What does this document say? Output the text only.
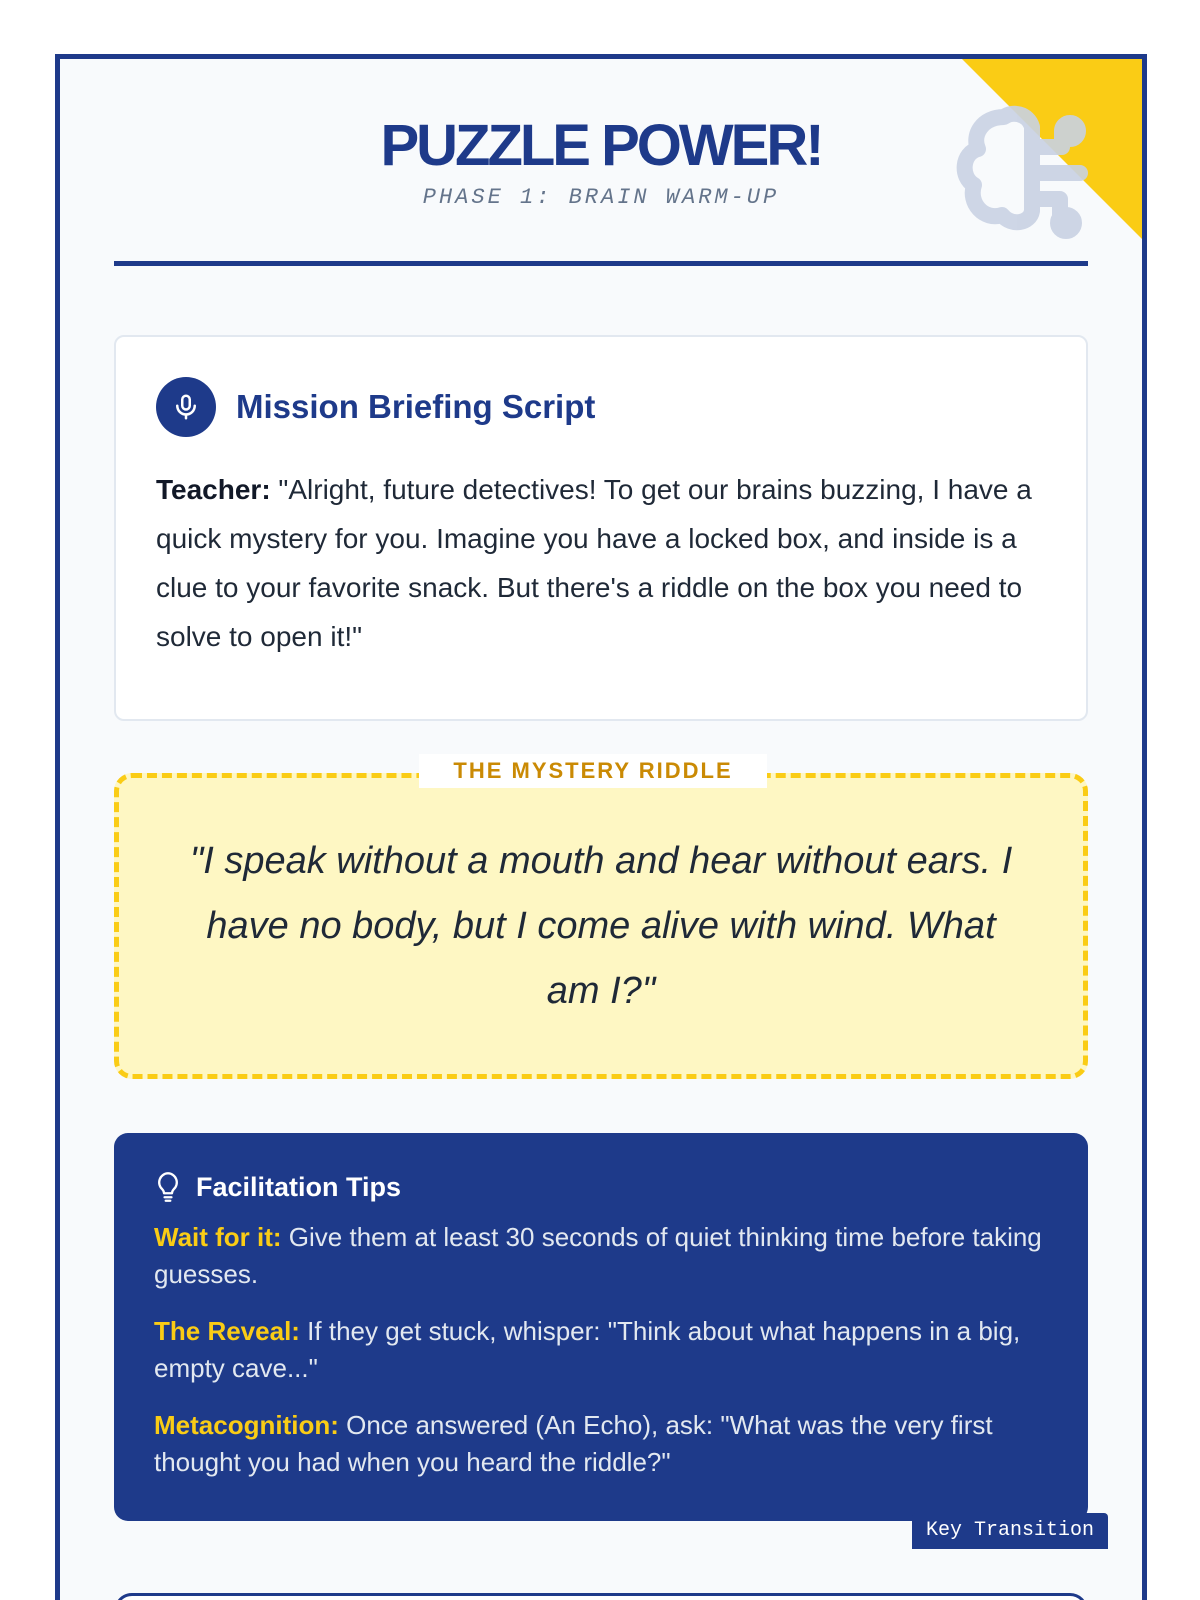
PUZZLE POWER!
PHASE 1: BRAIN WARM-UP
Mission Briefing Script

Teacher: "Alright, future detectives! To get our brains buzzing, I have a quick mystery for you. Imagine you have a locked box, and inside is a clue to your favorite snack. But there's a riddle on the box you need to solve to open it!"

THE MYSTERY RIDDLE

"I speak without a mouth and hear without ears. I have no body, but I come alive with wind. What am I?"

Facilitation Tips

Wait for it: Give them at least 30 seconds of quiet thinking time before taking guesses.

The Reveal: If they get stuck, whisper: "Think about what happens in a big, empty cave..."

Metacognition: Once answered (An Echo), ask: "What was the very first thought you had when you heard the riddle?"

Key Transition
